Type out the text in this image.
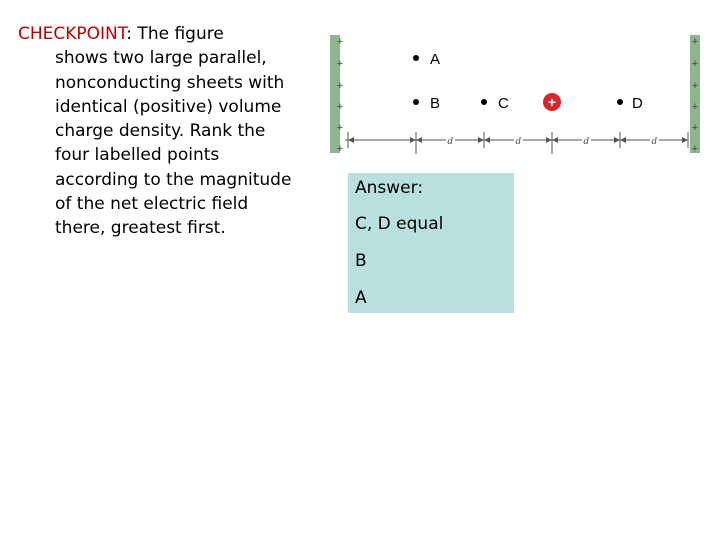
CHECKPOINT: The figure
shows two large parallel,
nonconducting sheets with
identical (positive) volume
charge density. Rank the
four labelled points
according to the magnitude
of the net electric field
there, greatest first.
+
+
+
+
+
+
+
+
+
+
+
+
d	d	d	d
A
B	C	D
+
Answer:
C, D equal
B
A
